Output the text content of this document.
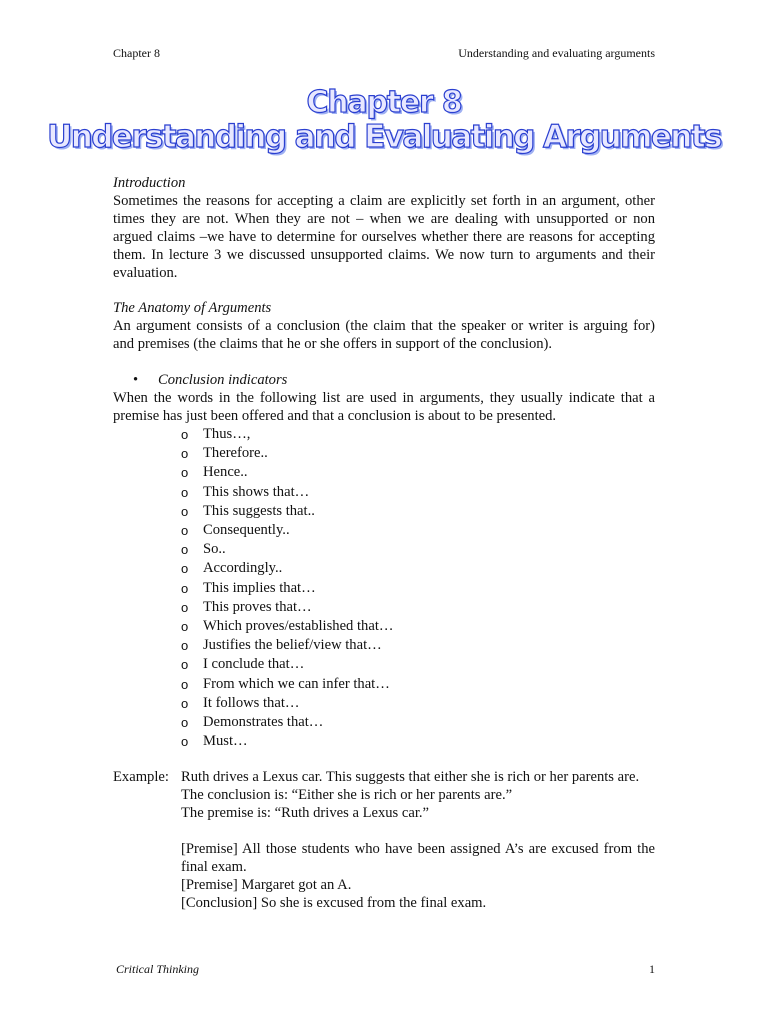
Chapter 8	Understanding and evaluating arguments
Chapter 8
Understanding and Evaluating Arguments

Introduction

Sometimes the reasons for accepting a claim are explicitly set forth in an argument, other times they are not. When they are not – when we are dealing with unsupported or non argued claims –we have to determine for ourselves whether there are reasons for accepting them. In lecture 3 we discussed unsupported claims. We now turn to arguments and their evaluation.

The Anatomy of Arguments

An argument consists of a conclusion (the claim that the speaker or writer is arguing for) and premises (the claims that he or she offers in support of the conclusion).

• Conclusion indicators

When the words in the following list are used in arguments, they usually indicate that a premise has just been offered and that a conclusion is about to be presented.

o	Thus…,
o	Therefore..
o	Hence..
o	This shows that…
o	This suggests that..
o	Consequently..
o	So..
o	Accordingly..
o	This implies that…
o	This proves that…
o	Which proves/established that…
o	Justifies the belief/view that…
o	I conclude that…
o	From which we can infer that…
o	It follows that…
o	Demonstrates that…
o	Must…
Example: Ruth drives a Lexus car. This suggests that either she is rich or her parents are.

The conclusion is: “Either she is rich or her parents are.”

The premise is: “Ruth drives a Lexus car.”

[Premise] All those students who have been assigned A’s are excused from the final exam.

[Premise] Margaret got an A.

[Conclusion] So she is excused from the final exam.

Critical Thinking	1
